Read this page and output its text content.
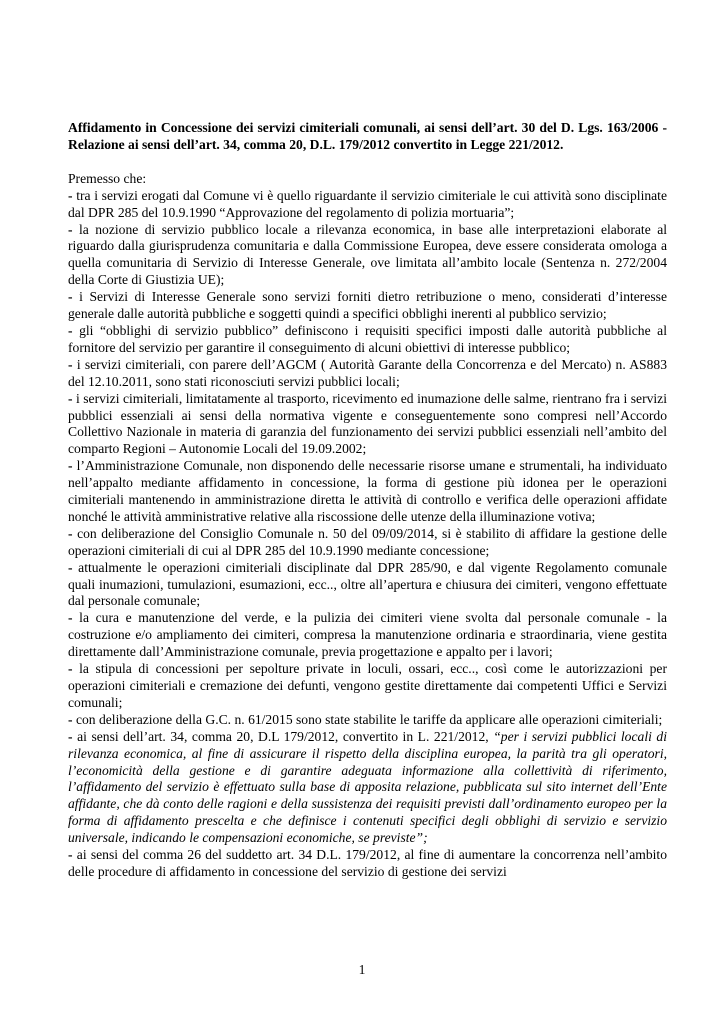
Affidamento in Concessione dei servizi cimiteriali comunali, ai sensi dell’art. 30 del D. Lgs. 163/2006 - Relazione ai sensi dell’art. 34, comma 20, D.L. 179/2012 convertito in Legge 221/2012.

Premesso che:

- tra i servizi erogati dal Comune vi è quello riguardante il servizio cimiteriale le cui attività sono disciplinate dal DPR 285 del 10.9.1990 “Approvazione del regolamento di polizia mortuaria”;

- la nozione di servizio pubblico locale a rilevanza economica, in base alle interpretazioni elaborate al riguardo dalla giurisprudenza comunitaria e dalla Commissione Europea, deve essere considerata omologa a quella comunitaria di Servizio di Interesse Generale, ove limitata all’ambito locale (Sentenza n. 272/2004 della Corte di Giustizia UE);

- i Servizi di Interesse Generale sono servizi forniti dietro retribuzione o meno, considerati d’interesse generale dalle autorità pubbliche e soggetti quindi a specifici obblighi inerenti al pubblico servizio;

- gli “obblighi di servizio pubblico” definiscono i requisiti specifici imposti dalle autorità pubbliche al fornitore del servizio per garantire il conseguimento di alcuni obiettivi di interesse pubblico;

- i servizi cimiteriali, con parere dell’AGCM ( Autorità Garante della Concorrenza e del Mercato) n. AS883 del 12.10.2011, sono stati riconosciuti servizi pubblici locali;

- i servizi cimiteriali, limitatamente al trasporto, ricevimento ed inumazione delle salme, rientrano fra i servizi pubblici essenziali ai sensi della normativa vigente e conseguentemente sono compresi nell’Accordo Collettivo Nazionale in materia di garanzia del funzionamento dei servizi pubblici essenziali nell’ambito del comparto Regioni – Autonomie Locali del 19.09.2002;

- l’Amministrazione Comunale, non disponendo delle necessarie risorse umane e strumentali, ha individuato nell’appalto mediante affidamento in concessione, la forma di gestione più idonea per le operazioni cimiteriali mantenendo in amministrazione diretta le attività di controllo e verifica delle operazioni affidate nonché le attività amministrative relative alla riscossione delle utenze della illuminazione votiva;

- con deliberazione del Consiglio Comunale n. 50 del 09/09/2014, si è stabilito di affidare la gestione delle operazioni cimiteriali di cui al DPR 285 del 10.9.1990 mediante concessione;

- attualmente le operazioni cimiteriali disciplinate dal DPR 285/90, e dal vigente Regolamento comunale quali inumazioni, tumulazioni, esumazioni, ecc.., oltre all’apertura e chiusura dei cimiteri, vengono effettuate dal personale comunale;

- la cura e manutenzione del verde, e la pulizia dei cimiteri viene svolta dal personale comunale - la costruzione e/o ampliamento dei cimiteri, compresa la manutenzione ordinaria e straordinaria, viene gestita direttamente dall’Amministrazione comunale, previa progettazione e appalto per i lavori;

- la stipula di concessioni per sepolture private in loculi, ossari, ecc.., così come le autorizzazioni per operazioni cimiteriali e cremazione dei defunti, vengono gestite direttamente dai competenti Uffici e Servizi comunali;

- con deliberazione della G.C. n. 61/2015 sono state stabilite le tariffe da applicare alle operazioni cimiteriali;

- ai sensi dell’art. 34, comma 20, D.L 179/2012, convertito in L. 221/2012, “per i servizi pubblici locali di rilevanza economica, al fine di assicurare il rispetto della disciplina europea, la parità tra gli operatori, l’economicità della gestione e di garantire adeguata informazione alla collettività di riferimento, l’affidamento del servizio è effettuato sulla base di apposita relazione, pubblicata sul sito internet dell’Ente affidante, che dà conto delle ragioni e della sussistenza dei requisiti previsti dall’ordinamento europeo per la forma di affidamento prescelta e che definisce i contenuti specifici degli obblighi di servizio e servizio universale, indicando le compensazioni economiche, se previste”;

- ai sensi del comma 26 del suddetto art. 34 D.L. 179/2012, al fine di aumentare la concorrenza nell’ambito delle procedure di affidamento in concessione del servizio di gestione dei servizi

1
